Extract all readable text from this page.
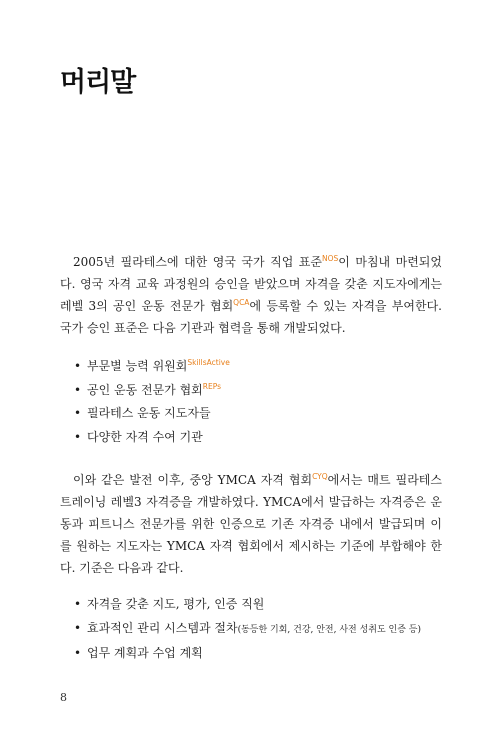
머리말

2005년 필라테스에 대한 영국 국가 직업 표준$^{NOS}$이 마침내 마련되었다. 영국 자격 교육 과정원의 승인을 받았으며 자격을 갖춘 지도자에게는 레벨 3의 공인 운동 전문가 협회$^{QCA}$에 등록할 수 있는 자격을 부여한다. 국가 승인 표준은 다음 기관과 협력을 통해 개발되었다.

• 부문별 능력 위원회$^{SkillsActive}$
• 공인 운동 전문가 협회$^{REPs}$
• 필라테스 운동 지도자들
• 다양한 자격 수여 기관

이와 같은 발전 이후, 중앙 YMCA 자격 협회$^{CYQ}$에서는 매트 필라테스 트레이닝 레벨3 자격증을 개발하였다. YMCA에서 발급하는 자격증은 운동과 피트니스 전문가를 위한 인증으로 기존 자격증 내에서 발급되며 이를 원하는 지도자는 YMCA 자격 협회에서 제시하는 기준에 부합해야 한다. 기준은 다음과 같다.

• 자격을 갖춘 지도, 평가, 인증 직원
• 효과적인 관리 시스템과 절차(동등한 기회, 건강, 안전, 사전 성취도 인증 등)
• 업무 계획과 수업 계획
8
